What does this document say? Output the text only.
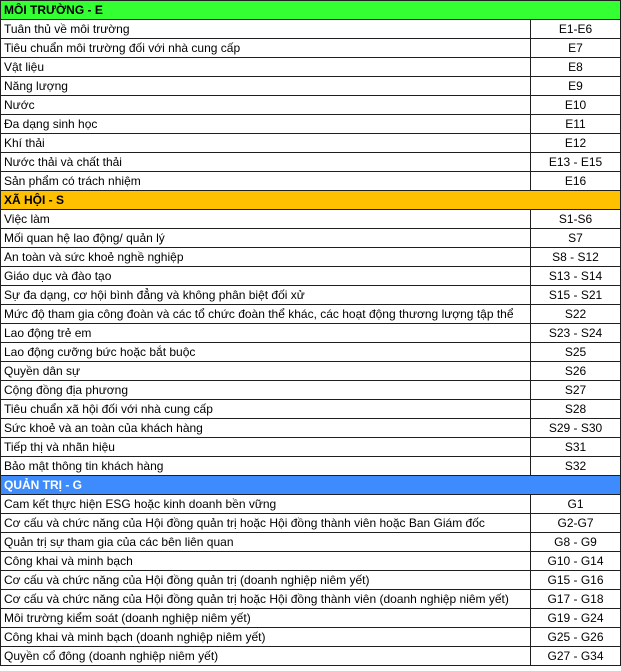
MÔI TRƯỜNG - E	
Tuân thủ về môi trường	E1-E6
Tiêu chuẩn môi trường đối với nhà cung cấp	E7
Vật liệu	E8
Năng lượng	E9
Nước	E10
Đa dạng sinh học	E11
Khí thải	E12
Nước thải và chất thải	E13 - E15
Sản phẩm có trách nhiệm	E16
XÃ HỘI - S	
Việc làm	S1-S6
Mối quan hệ lao động/ quản lý	S7
An toàn và sức khoẻ nghề nghiệp	S8 - S12
Giáo dục và đào tạo	S13 - S14
Sự đa dạng, cơ hội bình đẳng và không phân biệt đối xử	S15 - S21
Mức độ tham gia công đoàn và các tổ chức đoàn thể khác, các hoạt động thương lượng tập thể	S22
Lao động trẻ em	S23 - S24
Lao động cưỡng bức hoặc bắt buộc	S25
Quyền dân sự	S26
Cộng đồng địa phương	S27
Tiêu chuẩn xã hội đối với nhà cung cấp	S28
Sức khoẻ và an toàn của khách hàng	S29 - S30
Tiếp thị và nhãn hiệu	S31
Bảo mật thông tin khách hàng	S32
QUẢN TRỊ - G	
Cam kết thực hiện ESG hoặc kinh doanh bền vững	G1
Cơ cấu và chức năng của Hội đồng quản trị hoặc Hội đồng thành viên hoặc Ban Giám đốc	G2-G7
Quản trị sự tham gia của các bên liên quan	G8 - G9
Công khai và minh bạch	G10 - G14
Cơ cấu và chức năng của Hội đồng quản trị (doanh nghiệp niêm yết)	G15 - G16
Cơ cấu và chức năng của Hội đồng quản trị hoặc Hội đồng thành viên (doanh nghiệp niêm yết)	G17 - G18
Môi trường kiểm soát (doanh nghiệp niêm yết)	G19 - G24
Công khai và minh bạch (doanh nghiệp niêm yết)	G25 - G26
Quyền cổ đông (doanh nghiệp niêm yết)	G27 - G34
